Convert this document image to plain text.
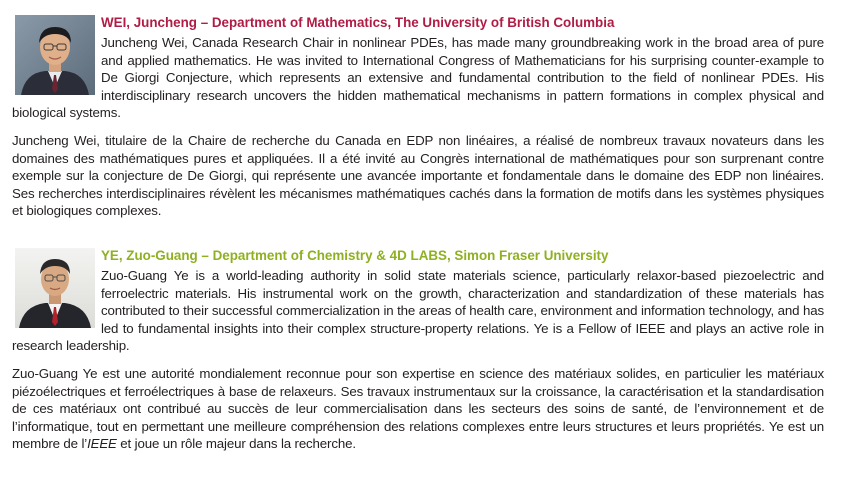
WEI, Juncheng – Department of Mathematics, The University of British Columbia

Juncheng Wei, Canada Research Chair in nonlinear PDEs, has made many groundbreaking work in the broad area of pure and applied mathematics. He was invited to International Congress of Mathematicians for his surprising counter-example to De Giorgi Conjecture, which represents an extensive and fundamental contribution to the field of nonlinear PDEs. His interdisciplinary research uncovers the hidden mathematical mechanisms in pattern formations in complex physical and biological systems.

Juncheng Wei, titulaire de la Chaire de recherche du Canada en EDP non linéaires, a réalisé de nombreux travaux novateurs dans les domaines des mathématiques pures et appliquées. Il a été invité au Congrès international de mathématiques pour son surprenant contre exemple sur la conjecture de De Giorgi, qui représente une avancée importante et fondamentale dans le domaine des EDP non linéaires. Ses recherches interdisciplinaires révèlent les mécanismes mathématiques cachés dans la formation de motifs dans les systèmes physiques et biologiques complexes.

YE, Zuo-Guang – Department of Chemistry & 4D LABS, Simon Fraser University

Zuo-Guang Ye is a world-leading authority in solid state materials science, particularly relaxor-based piezoelectric and ferroelectric materials. His instrumental work on the growth, characterization and standardization of these materials has contributed to their successful commercialization in the areas of health care, environment and information technology, and has led to fundamental insights into their complex structure-property relations. Ye is a Fellow of IEEE and plays an active role in research leadership.

Zuo-Guang Ye est une autorité mondialement reconnue pour son expertise en science des matériaux solides, en particulier les matériaux piézoélectriques et ferroélectriques à base de relaxeurs. Ses travaux instrumentaux sur la croissance, la caractérisation et la standardisation de ces matériaux ont contribué au succès de leur commercialisation dans les secteurs des soins de santé, de l’environnement et de l’informatique, tout en permettant une meilleure compréhension des relations complexes entre leurs structures et leurs propriétés. Ye est un membre de l’IEEE et joue un rôle majeur dans la recherche.
